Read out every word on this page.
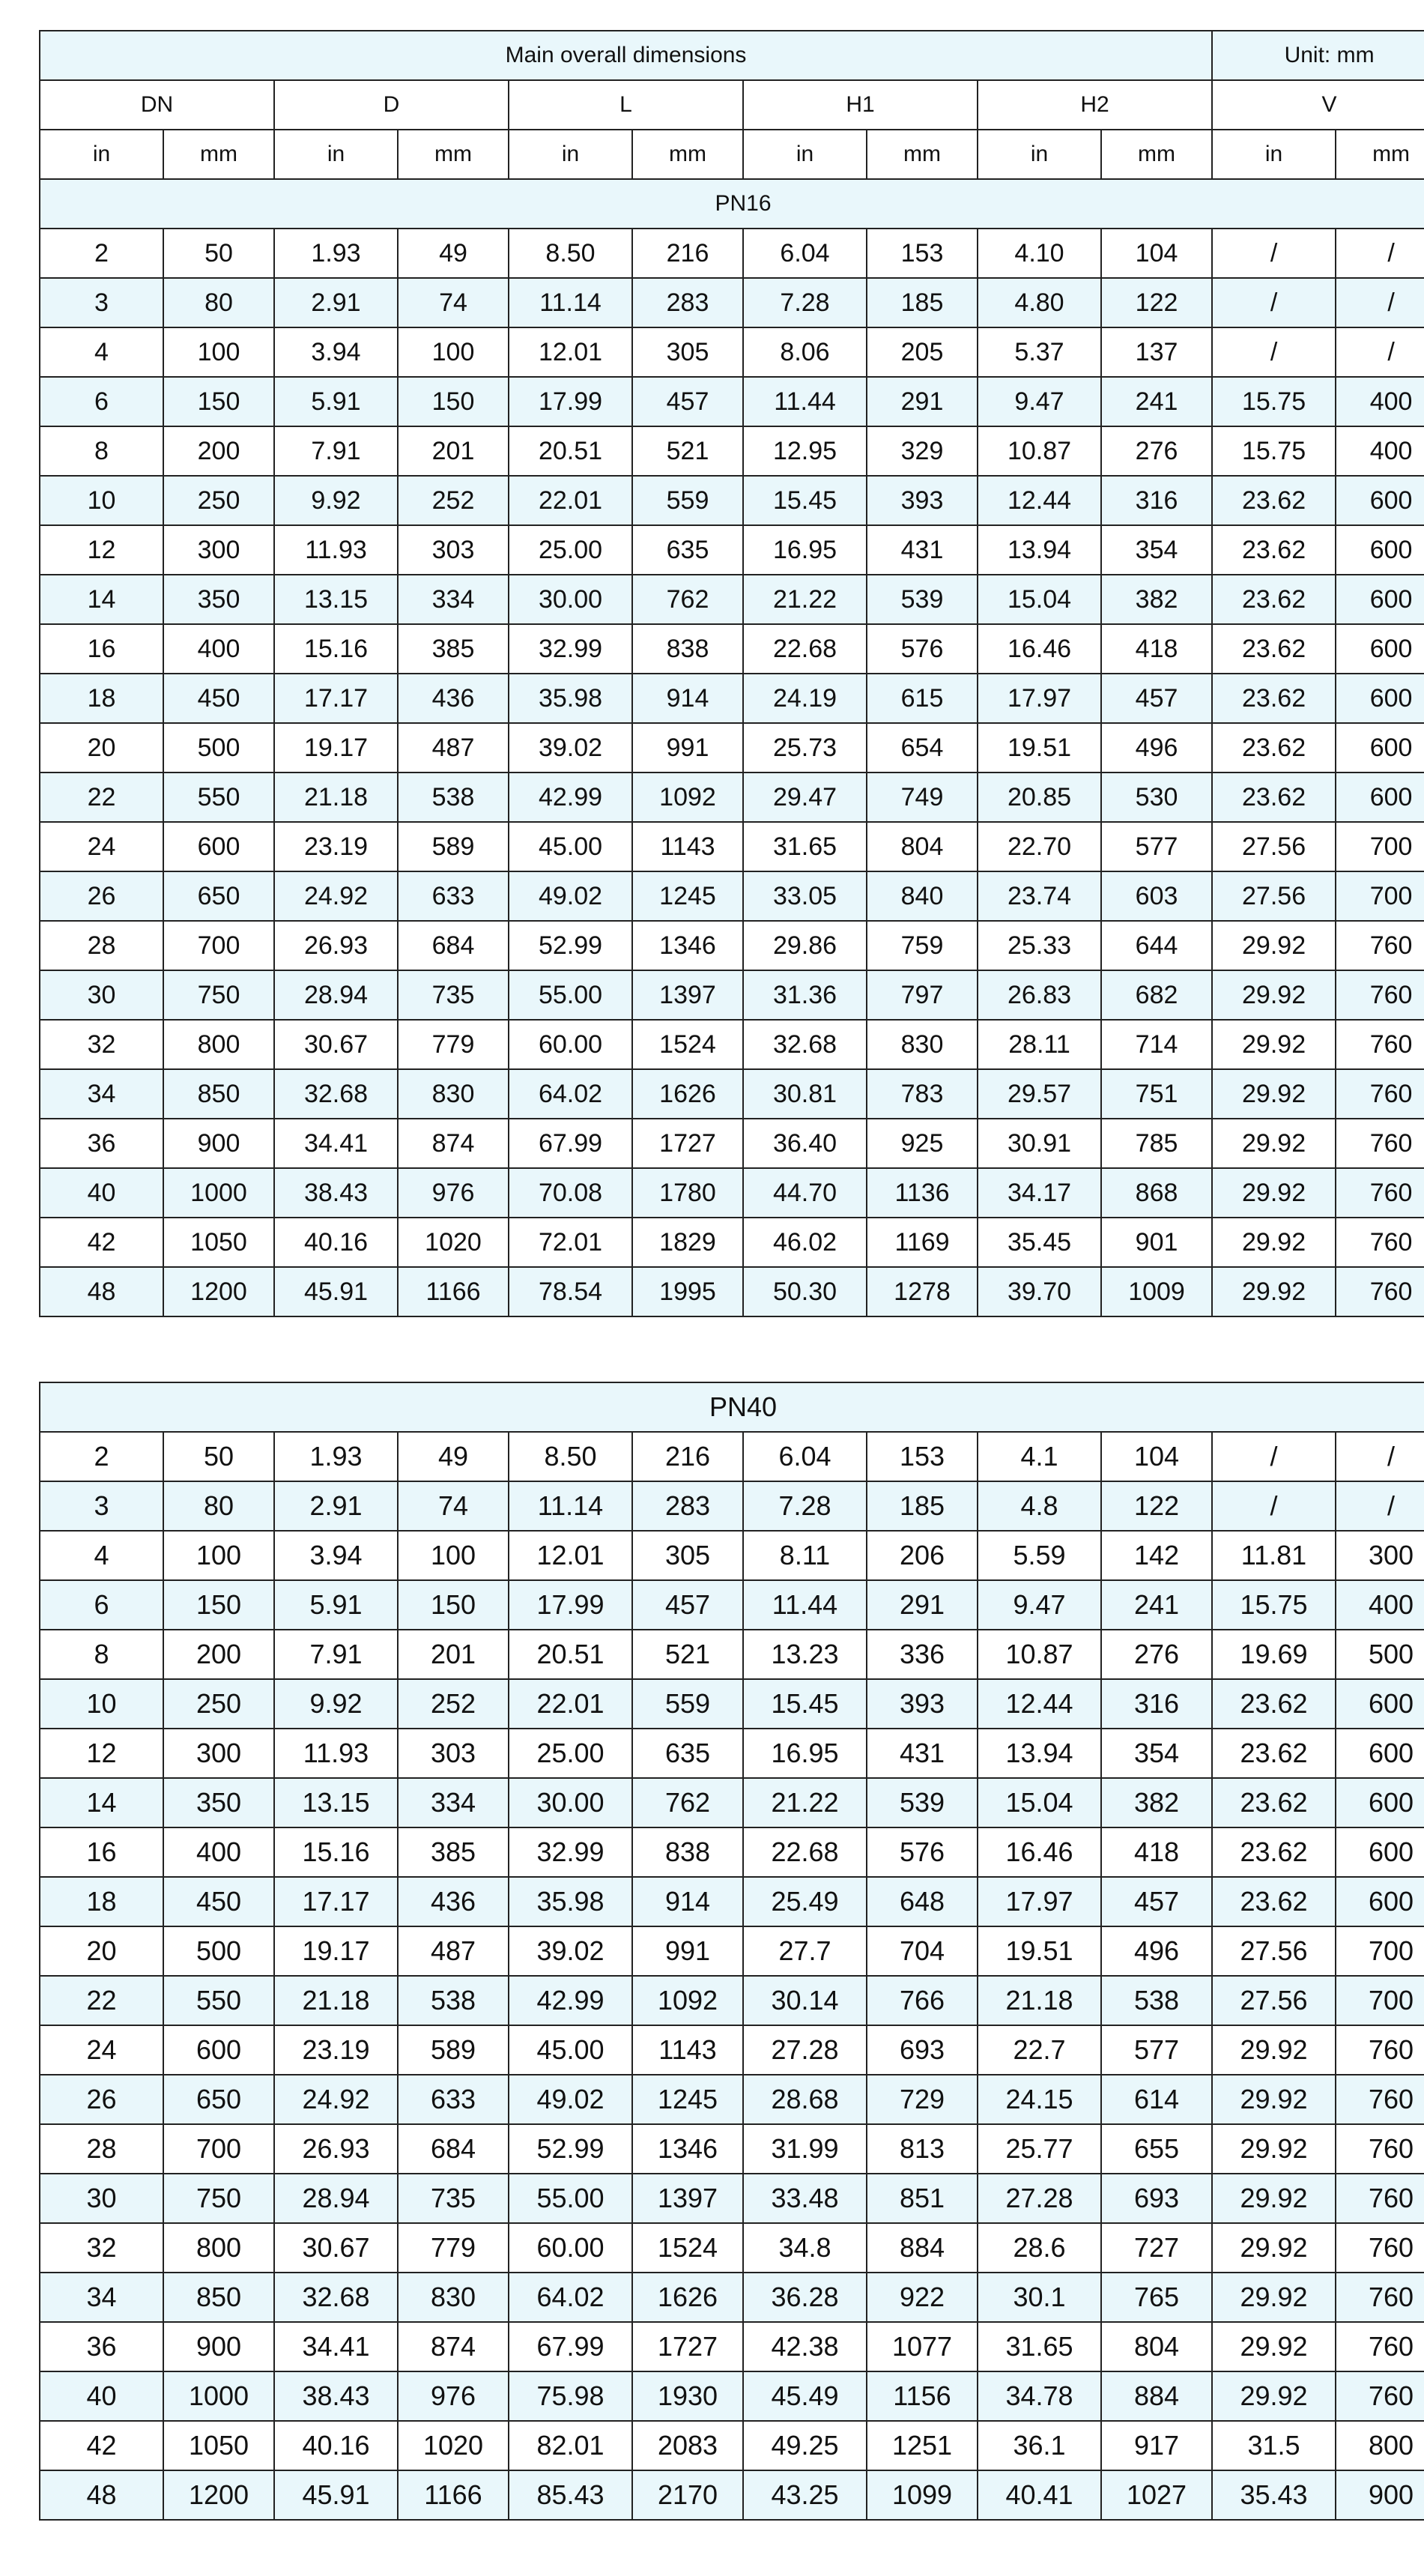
Main overall dimensions										Unit: mm	
DN		D		L		H1		H2		V	
in	mm	in	mm	in	mm	in	mm	in	mm	in	mm
PN16											
2	50	1.93	49	8.50	216	6.04	153	4.10	104	/	/
3	80	2.91	74	11.14	283	7.28	185	4.80	122	/	/
4	100	3.94	100	12.01	305	8.06	205	5.37	137	/	/
6	150	5.91	150	17.99	457	11.44	291	9.47	241	15.75	400
8	200	7.91	201	20.51	521	12.95	329	10.87	276	15.75	400
10	250	9.92	252	22.01	559	15.45	393	12.44	316	23.62	600
12	300	11.93	303	25.00	635	16.95	431	13.94	354	23.62	600
14	350	13.15	334	30.00	762	21.22	539	15.04	382	23.62	600
16	400	15.16	385	32.99	838	22.68	576	16.46	418	23.62	600
18	450	17.17	436	35.98	914	24.19	615	17.97	457	23.62	600
20	500	19.17	487	39.02	991	25.73	654	19.51	496	23.62	600
22	550	21.18	538	42.99	1092	29.47	749	20.85	530	23.62	600
24	600	23.19	589	45.00	1143	31.65	804	22.70	577	27.56	700
26	650	24.92	633	49.02	1245	33.05	840	23.74	603	27.56	700
28	700	26.93	684	52.99	1346	29.86	759	25.33	644	29.92	760
30	750	28.94	735	55.00	1397	31.36	797	26.83	682	29.92	760
32	800	30.67	779	60.00	1524	32.68	830	28.11	714	29.92	760
34	850	32.68	830	64.02	1626	30.81	783	29.57	751	29.92	760
36	900	34.41	874	67.99	1727	36.40	925	30.91	785	29.92	760
40	1000	38.43	976	70.08	1780	44.70	1136	34.17	868	29.92	760
42	1050	40.16	1020	72.01	1829	46.02	1169	35.45	901	29.92	760
48	1200	45.91	1166	78.54	1995	50.30	1278	39.70	1009	29.92	760
PN40											
2	50	1.93	49	8.50	216	6.04	153	4.1	104	/	/
3	80	2.91	74	11.14	283	7.28	185	4.8	122	/	/
4	100	3.94	100	12.01	305	8.11	206	5.59	142	11.81	300
6	150	5.91	150	17.99	457	11.44	291	9.47	241	15.75	400
8	200	7.91	201	20.51	521	13.23	336	10.87	276	19.69	500
10	250	9.92	252	22.01	559	15.45	393	12.44	316	23.62	600
12	300	11.93	303	25.00	635	16.95	431	13.94	354	23.62	600
14	350	13.15	334	30.00	762	21.22	539	15.04	382	23.62	600
16	400	15.16	385	32.99	838	22.68	576	16.46	418	23.62	600
18	450	17.17	436	35.98	914	25.49	648	17.97	457	23.62	600
20	500	19.17	487	39.02	991	27.7	704	19.51	496	27.56	700
22	550	21.18	538	42.99	1092	30.14	766	21.18	538	27.56	700
24	600	23.19	589	45.00	1143	27.28	693	22.7	577	29.92	760
26	650	24.92	633	49.02	1245	28.68	729	24.15	614	29.92	760
28	700	26.93	684	52.99	1346	31.99	813	25.77	655	29.92	760
30	750	28.94	735	55.00	1397	33.48	851	27.28	693	29.92	760
32	800	30.67	779	60.00	1524	34.8	884	28.6	727	29.92	760
34	850	32.68	830	64.02	1626	36.28	922	30.1	765	29.92	760
36	900	34.41	874	67.99	1727	42.38	1077	31.65	804	29.92	760
40	1000	38.43	976	75.98	1930	45.49	1156	34.78	884	29.92	760
42	1050	40.16	1020	82.01	2083	49.25	1251	36.1	917	31.5	800
48	1200	45.91	1166	85.43	2170	43.25	1099	40.41	1027	35.43	900
